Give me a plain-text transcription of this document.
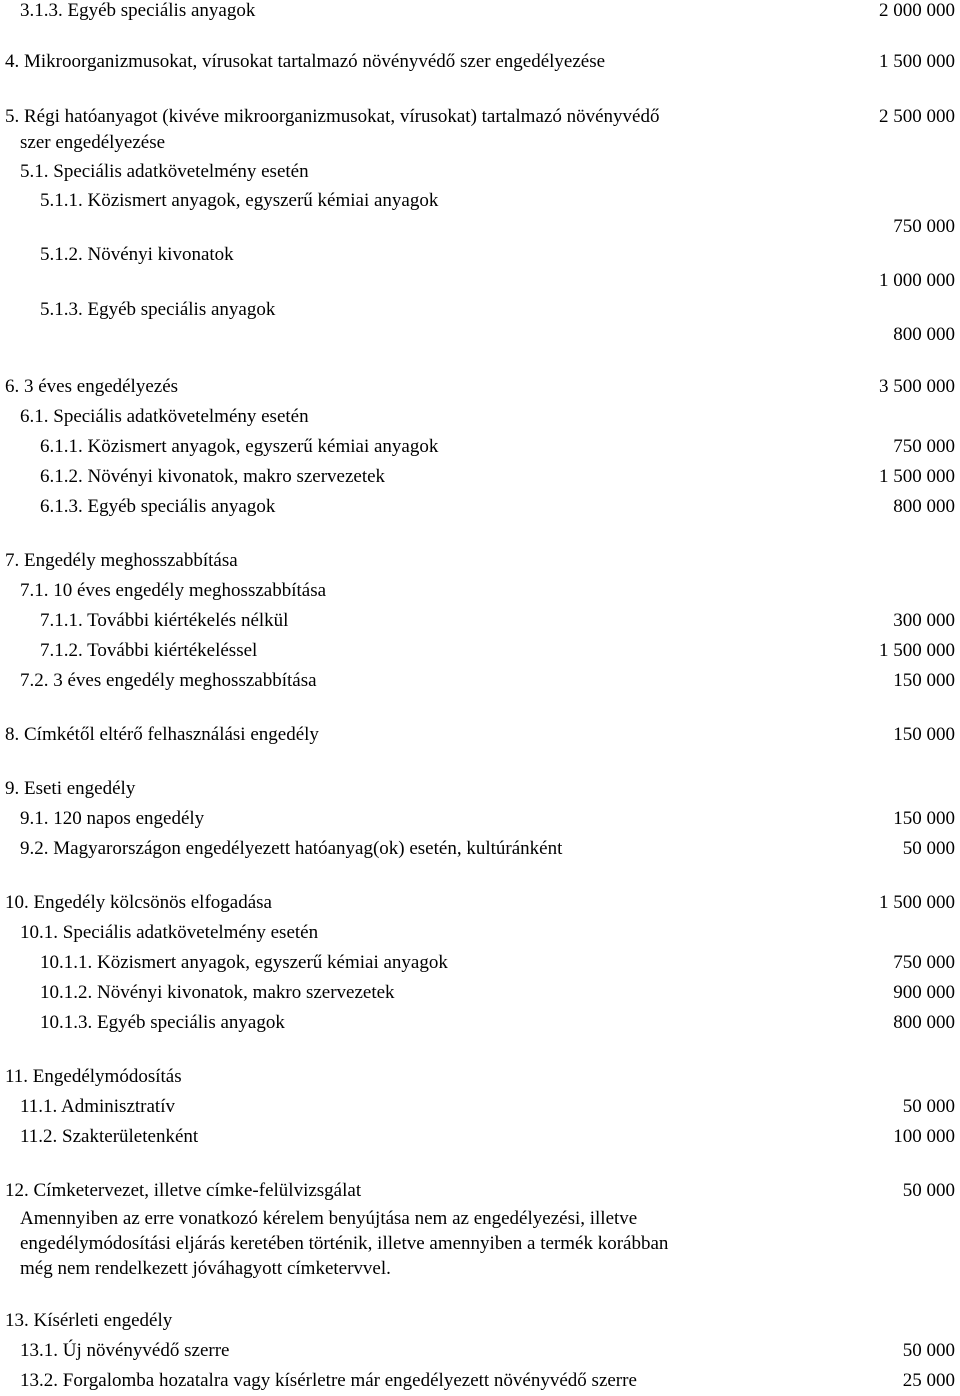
3.1.3. Egyéb speciális anyagok
4. Mikroorganizmusokat, vírusokat tartalmazó növényvédő szer engedélyezése
5. Régi hatóanyagot (kivéve mikroorganizmusokat, vírusokat) tartalmazó növényvédő
szer engedélyezése
5.1. Speciális adatkövetelmény esetén
5.1.1. Közismert anyagok, egyszerű kémiai anyagok
5.1.2. Növényi kivonatok
5.1.3. Egyéb speciális anyagok
6. 3 éves engedélyezés
6.1. Speciális adatkövetelmény esetén
6.1.1. Közismert anyagok, egyszerű kémiai anyagok
6.1.2. Növényi kivonatok, makro szervezetek
6.1.3. Egyéb speciális anyagok
7. Engedély meghosszabbítása
7.1. 10 éves engedély meghosszabbítása
7.1.1. További kiértékelés nélkül
7.1.2. További kiértékeléssel
7.2. 3 éves engedély meghosszabbítása
8. Címkétől eltérő felhasználási engedély
9. Eseti engedély
9.1. 120 napos engedély
9.2. Magyarországon engedélyezett hatóanyag(ok) esetén, kultúránként
10. Engedély kölcsönös elfogadása
10.1. Speciális adatkövetelmény esetén
10.1.1. Közismert anyagok, egyszerű kémiai anyagok
10.1.2. Növényi kivonatok, makro szervezetek
10.1.3. Egyéb speciális anyagok
11. Engedélymódosítás
11.1. Adminisztratív
11.2. Szakterületenként
12. Címketervezet, illetve címke-felülvizsgálat
13. Kísérleti engedély
13.1. Új növényvédő szerre
13.2. Forgalomba hozatalra vagy kísérletre már engedélyezett növényvédő szerre
2 000 000
1 500 000
2 500 000
750 000
1 000 000
800 000
3 500 000
750 000
1 500 000
800 000
300 000
1 500 000
150 000
150 000
150 000
50 000
1 500 000
750 000
900 000
800 000
50 000
100 000
50 000
50 000
25 000
Amennyiben az erre vonatkozó kérelem benyújtása nem az engedélyezési, illetve
engedélymódosítási eljárás keretében történik, illetve amennyiben a termék korábban
még nem rendelkezett jóváhagyott címketervvel.
